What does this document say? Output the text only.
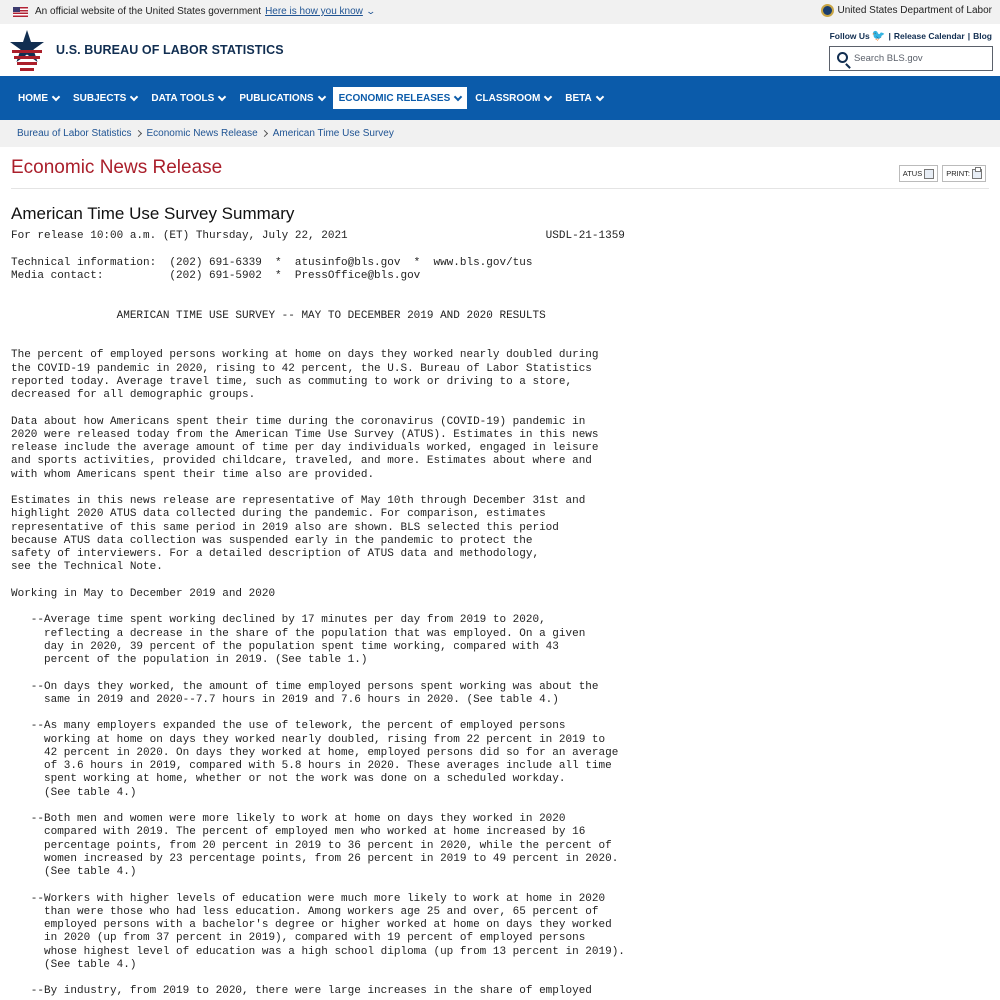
An official website of the United States government Here is how you know ⌄	United States Department of Labor
U.S. BUREAU OF LABOR STATISTICS
Follow Us 🐦 | Release Calendar | Blog
Search BLS.gov
HOME	SUBJECTS	DATA TOOLS	PUBLICATIONS	ECONOMIC RELEASES	CLASSROOM	BETA
Bureau of Labor Statistics Economic News Release American Time Use Survey
Economic News Release	ATUS	PRINT:
American Time Use Survey Summary
For release 10:00 a.m. (ET) Thursday, July 22, 2021                              USDL-21-1359

Technical information:  (202) 691-6339  *  atusinfo@bls.gov  *  www.bls.gov/tus
Media contact:          (202) 691-5902  *  PressOffice@bls.gov

AMERICAN TIME USE SURVEY -- MAY TO DECEMBER 2019 AND 2020 RESULTS

The percent of employed persons working at home on days they worked nearly doubled during
the COVID-19 pandemic in 2020, rising to 42 percent, the U.S. Bureau of Labor Statistics
reported today. Average travel time, such as commuting to work or driving to a store,
decreased for all demographic groups.

Data about how Americans spent their time during the coronavirus (COVID-19) pandemic in
2020 were released today from the American Time Use Survey (ATUS). Estimates in this news
release include the average amount of time per day individuals worked, engaged in leisure
and sports activities, provided childcare, traveled, and more. Estimates about where and
with whom Americans spent their time also are provided.

Estimates in this news release are representative of May 10th through December 31st and
highlight 2020 ATUS data collected during the pandemic. For comparison, estimates
representative of this same period in 2019 also are shown. BLS selected this period
because ATUS data collection was suspended early in the pandemic to protect the
safety of interviewers. For a detailed description of ATUS data and methodology,
see the Technical Note.

Working in May to December 2019 and 2020

--Average time spent working declined by 17 minutes per day from 2019 to 2020,
reflecting a decrease in the share of the population that was employed. On a given
day in 2020, 39 percent of the population spent time working, compared with 43
percent of the population in 2019. (See table 1.)

--On days they worked, the amount of time employed persons spent working was about the
same in 2019 and 2020--7.7 hours in 2019 and 7.6 hours in 2020. (See table 4.)

--As many employers expanded the use of telework, the percent of employed persons
working at home on days they worked nearly doubled, rising from 22 percent in 2019 to
42 percent in 2020. On days they worked at home, employed persons did so for an average
of 3.6 hours in 2019, compared with 5.8 hours in 2020. These averages include all time
spent working at home, whether or not the work was done on a scheduled workday.
(See table 4.)

--Both men and women were more likely to work at home on days they worked in 2020
compared with 2019. The percent of employed men who worked at home increased by 16
percentage points, from 20 percent in 2019 to 36 percent in 2020, while the percent of
women increased by 23 percentage points, from 26 percent in 2019 to 49 percent in 2020.
(See table 4.)

--Workers with higher levels of education were much more likely to work at home in 2020
than were those who had less education. Among workers age 25 and over, 65 percent of
employed persons with a bachelor's degree or higher worked at home on days they worked
in 2020 (up from 37 percent in 2019), compared with 19 percent of employed persons
whose highest level of education was a high school diploma (up from 13 percent in 2019).
(See table 4.)

--By industry, from 2019 to 2020, there were large increases in the share of employed
